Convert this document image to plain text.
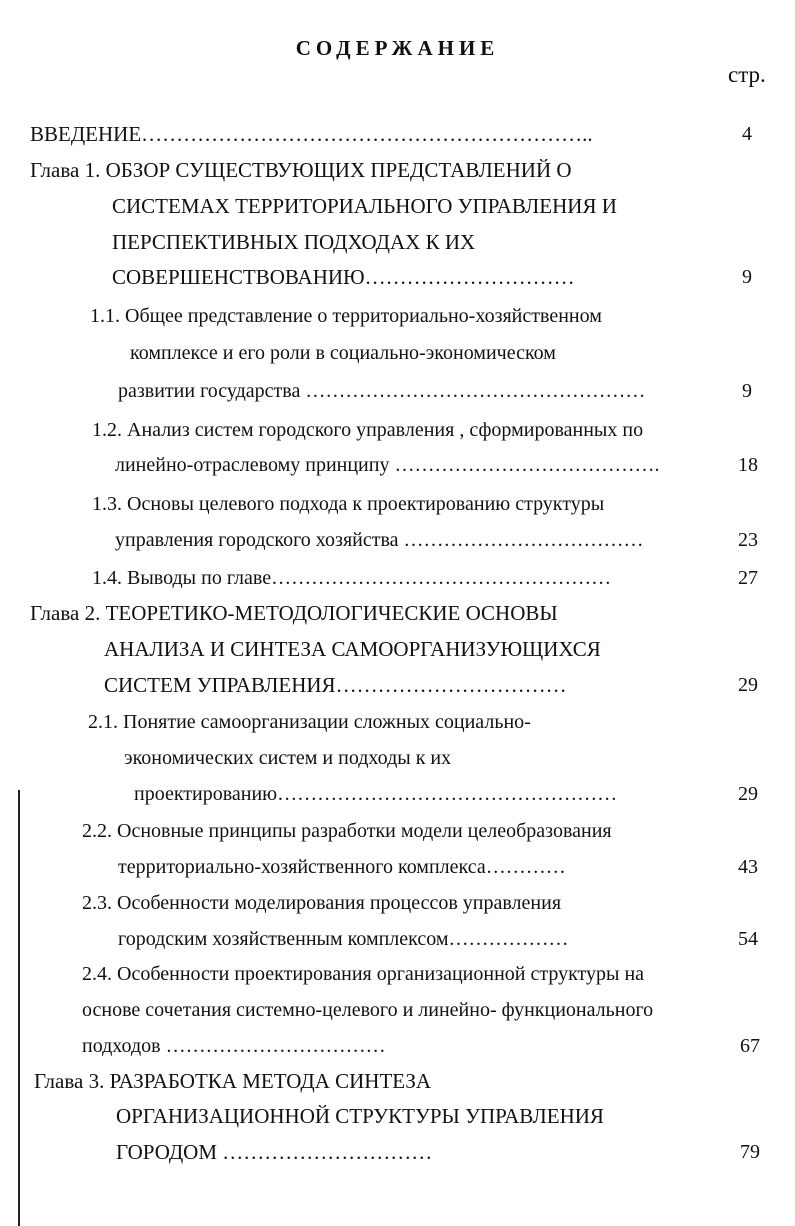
СОДЕРЖАНИЕ
стр.
ВВЕДЕНИЕ………………………………………………………..	4
Глава 1. ОБЗОР СУЩЕСТВУЮЩИХ ПРЕДСТАВЛЕНИЙ О
СИСТЕМАХ ТЕРРИТОРИАЛЬНОГО УПРАВЛЕНИЯ И
ПЕРСПЕКТИВНЫХ ПОДХОДАХ К ИХ
СОВЕРШЕНСТВОВАНИЮ…………………………	9
1.1. Общее представление о территориально-хозяйственном
комплексе и его роли в социально-экономическом
развитии государства ……………………………………………	9
1.2. Анализ систем городского управления , сформированных по
линейно-отраслевому принципу ………………………………….	18
1.3. Основы целевого подхода к проектированию структуры
управления городского хозяйства ………………………………	23
1.4. Выводы по главе……………………………………………	27
Глава 2. ТЕОРЕТИКО-МЕТОДОЛОГИЧЕСКИЕ ОСНОВЫ
АНАЛИЗА И СИНТЕЗА САМООРГАНИЗУЮЩИХСЯ
СИСТЕМ УПРАВЛЕНИЯ……………………………	29
2.1. Понятие самоорганизации сложных социально-
экономических систем и подходы к их
проектированию……………………………………………	29
2.2. Основные принципы разработки модели целеобразования
территориально-хозяйственного комплекса…………	43
2.3. Особенности моделирования процессов управления
городским хозяйственным комплексом………………	54
2.4. Особенности проектирования организационной структуры на
основе сочетания системно-целевого и линейно- функционального
подходов ……………………………	67
Глава 3. РАЗРАБОТКА МЕТОДА СИНТЕЗА
ОРГАНИЗАЦИОННОЙ СТРУКТУРЫ УПРАВЛЕНИЯ
ГОРОДОМ …………………………	79
